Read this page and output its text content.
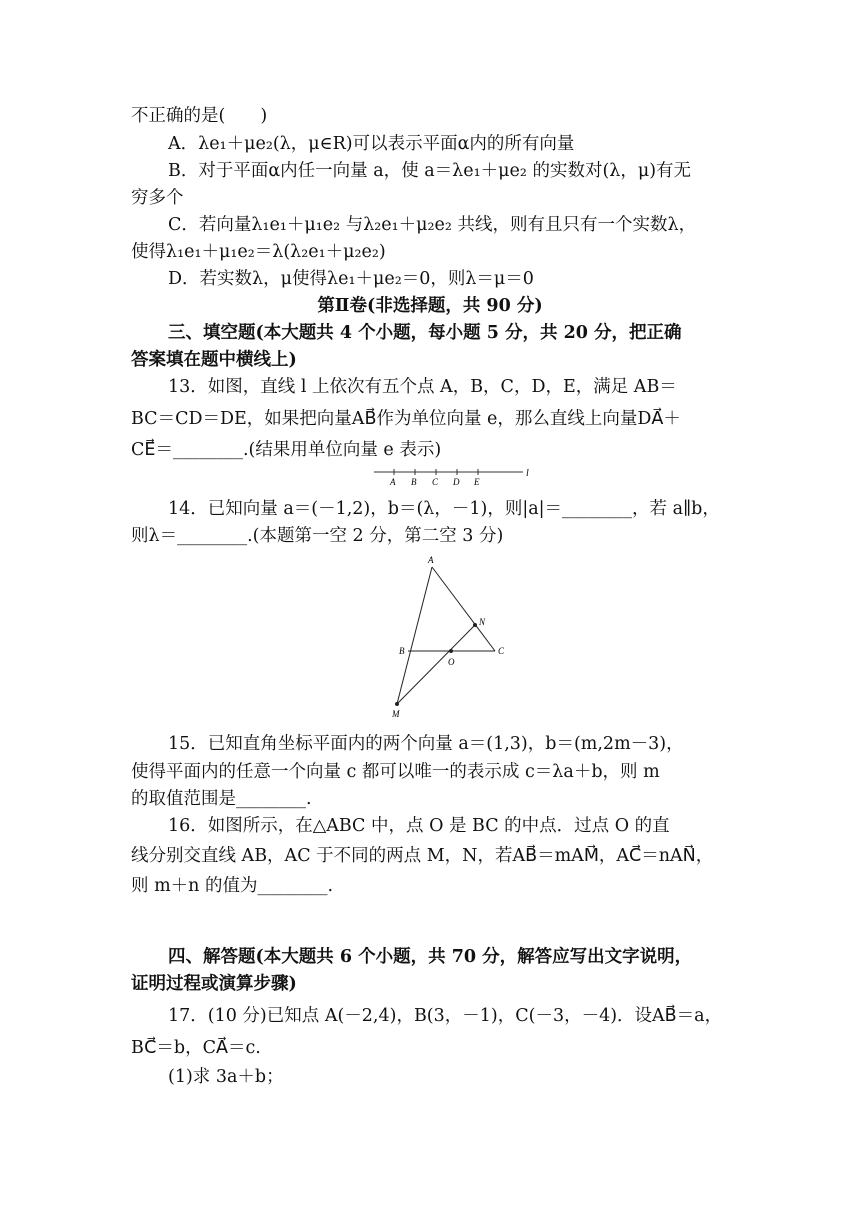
不正确的是(　　)
A．λe₁＋μe₂(λ，μ∈R)可以表示平面α内的所有向量
B．对于平面α内任一向量 a，使 a＝λe₁＋μe₂ 的实数对(λ，μ)有无
穷多个
C．若向量λ₁e₁＋μ₁e₂ 与λ₂e₁＋μ₂e₂ 共线，则有且只有一个实数λ，
使得λ₁e₁＋μ₁e₂＝λ(λ₂e₁＋μ₂e₂)
D．若实数λ，μ使得λe₁＋μe₂＝0，则λ＝μ＝0
第Ⅱ卷(非选择题，共 90 分)
三、填空题(本大题共 4 个小题，每小题 5 分，共 20 分，把正确
答案填在题中横线上)
13．如图，直线 l 上依次有五个点 A，B，C，D，E，满足 AB＝
BC＝CD＝DE，如果把向量AB⃗作为单位向量 e，那么直线上向量DA⃗＋
CE⃗＝________.(结果用单位向量 e 表示)
A B C D E
l
14．已知向量 a＝(－1,2)，b＝(λ，－1)，则|a|＝________，若 a∥b，
则λ＝________.(本题第一空 2 分，第二空 3 分)
A
B	C
N
O
M
15．已知直角坐标平面内的两个向量 a＝(1,3)，b＝(m,2m－3)，
使得平面内的任意一个向量 c 都可以唯一的表示成 c＝λa＋b，则 m
的取值范围是________.
16．如图所示，在△ABC 中，点 O 是 BC 的中点．过点 O 的直
线分别交直线 AB，AC 于不同的两点 M，N，若AB⃗＝mAM⃗，AC⃗＝nAN⃗，
则 m＋n 的值为________.
四、解答题(本大题共 6 个小题，共 70 分，解答应写出文字说明，
证明过程或演算步骤)
17．(10 分)已知点 A(－2,4)，B(3，－1)，C(－3，－4)．设AB⃗＝a，
BC⃗＝b，CA⃗＝c.
(1)求 3a＋b；
